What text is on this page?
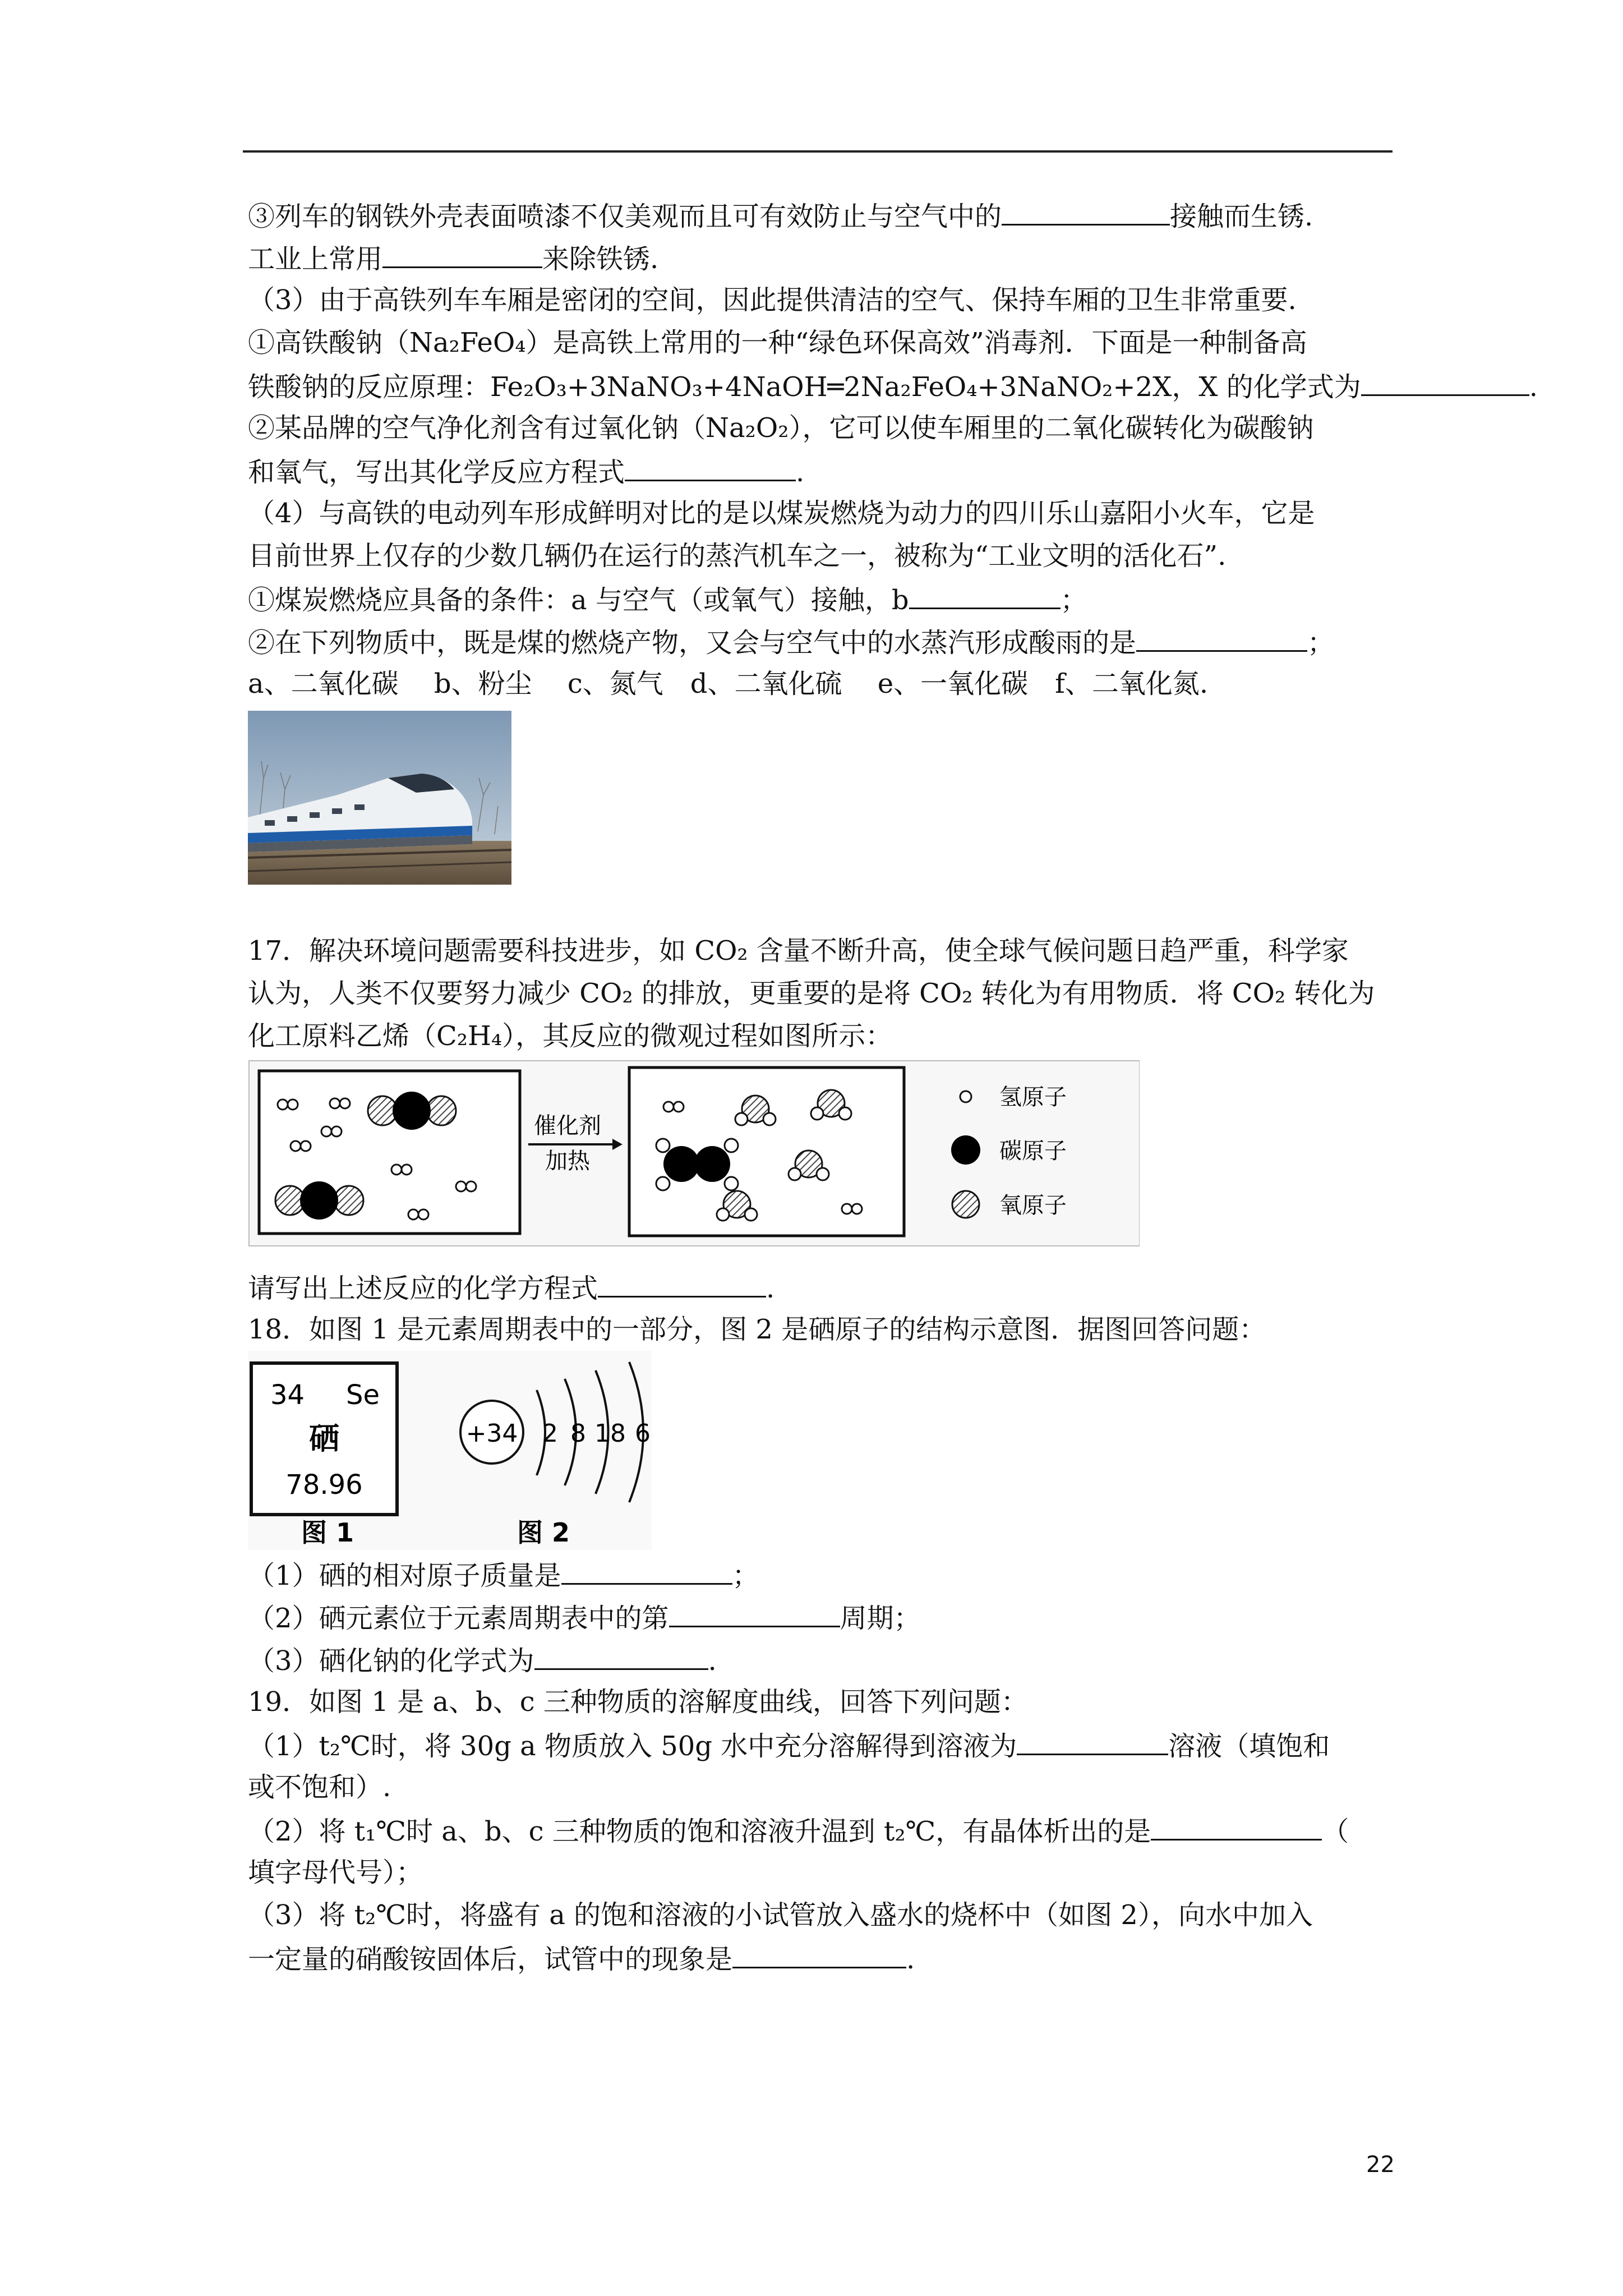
③列车的钢铁外壳表面喷漆不仅美观而且可有效防止与空气中的	接触而生锈.
工业上常用	来除铁锈.
（3）由于高铁列车车厢是密闭的空间，因此提供清洁的空气、保持车厢的卫生非常重要.
①高铁酸钠（Na₂FeO₄）是高铁上常用的一种“绿色环保高效”消毒剂．下面是一种制备高
铁酸钠的反应原理：Fe₂O₃+3NaNO₃+4NaOH═2Na₂FeO₄+3NaNO₂+2X，X 的化学式为	.
②某品牌的空气净化剂含有过氧化钠（Na₂O₂），它可以使车厢里的二氧化碳转化为碳酸钠
和氧气，写出其化学反应方程式	.
（4）与高铁的电动列车形成鲜明对比的是以煤炭燃烧为动力的四川乐山嘉阳小火车，它是
目前世界上仅存的少数几辆仍在运行的蒸汽机车之一，被称为“工业文明的活化石”.
①煤炭燃烧应具备的条件：a 与空气（或氧气）接触，b	；
②在下列物质中，既是煤的燃烧产物，又会与空气中的水蒸汽形成酸雨的是	；
a、二氧化碳　 b、粉尘　 c、氮气　d、二氧化硫　 e、一氧化碳　f、二氧化氮.
17．解决环境问题需要科技进步，如 CO₂ 含量不断升高，使全球气候问题日趋严重，科学家
认为，人类不仅要努力减少 CO₂ 的排放，更重要的是将 CO₂ 转化为有用物质．将 CO₂ 转化为
化工原料乙烯（C₂H₄），其反应的微观过程如图所示：
催化剂
加热
氢原子
碳原子
氧原子
请写出上述反应的化学方程式	.
18．如图 1 是元素周期表中的一部分，图 2 是硒原子的结构示意图．据图回答问题：
34 Se
硒
78.96
+34 2 8 18 6
图 1	图 2
（1）硒的相对原子质量是	；
（2）硒元素位于元素周期表中的第	周期；
（3）硒化钠的化学式为	.
19．如图 1 是 a、b、c 三种物质的溶解度曲线，回答下列问题：
（1）t₂℃时，将 30g a 物质放入 50g 水中充分溶解得到溶液为	溶液（填饱和
或不饱和）.
（2）将 t₁℃时 a、b、c 三种物质的饱和溶液升温到 t₂℃，有晶体析出的是	（
填字母代号）；
（3）将 t₂℃时，将盛有 a 的饱和溶液的小试管放入盛水的烧杯中（如图 2），向水中加入
一定量的硝酸铵固体后，试管中的现象是	.
22
